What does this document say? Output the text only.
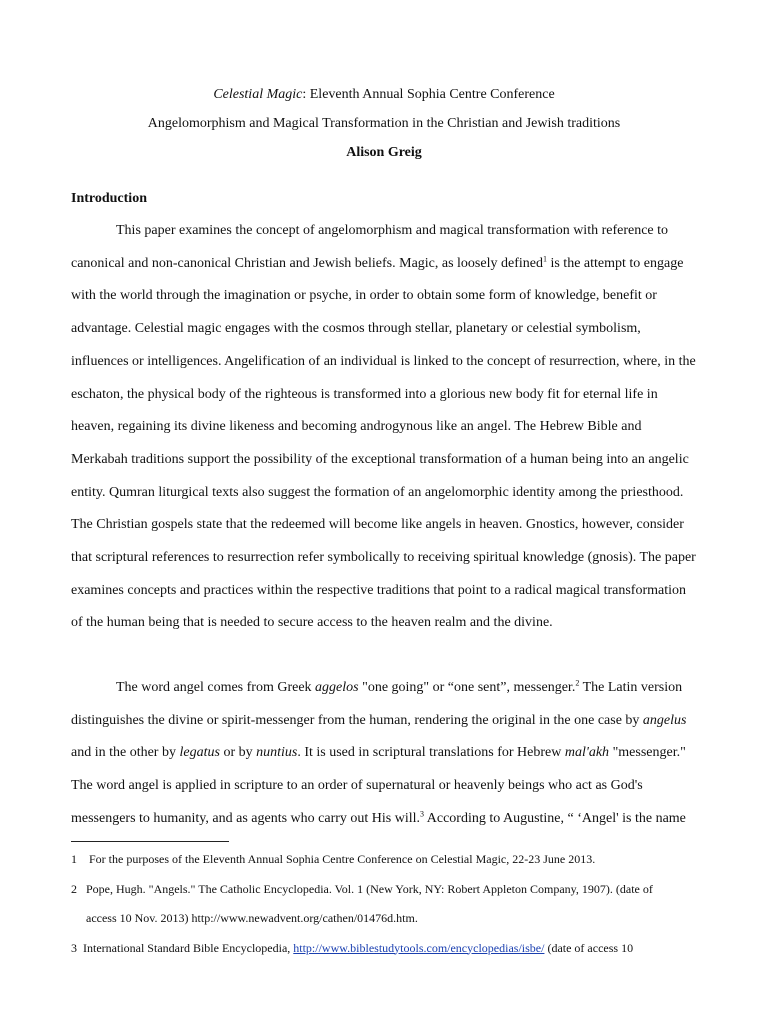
Celestial Magic: Eleventh Annual Sophia Centre Conference
Angelomorphism and Magical Transformation in the Christian and Jewish traditions
Alison Greig
Introduction

This paper examines the concept of angelomorphism and magical transformation with reference to canonical and non-canonical Christian and Jewish beliefs. Magic, as loosely defined$^1$ is the attempt to engage with the world through the imagination or psyche, in order to obtain some form of knowledge, benefit or advantage. Celestial magic engages with the cosmos through stellar, planetary or celestial symbolism, influences or intelligences. Angelification of an individual is linked to the concept of resurrection, where, in the eschaton, the physical body of the righteous is transformed into a glorious new body fit for eternal life in heaven, regaining its divine likeness and becoming androgynous like an angel. The Hebrew Bible and Merkabah traditions support the possibility of the exceptional transformation of a human being into an angelic entity. Qumran liturgical texts also suggest the formation of an angelomorphic identity among the priesthood. The Christian gospels state that the redeemed will become like angels in heaven. Gnostics, however, consider that scriptural references to resurrection refer symbolically to receiving spiritual knowledge (gnosis). The paper examines concepts and practices within the respective traditions that point to a radical magical transformation of the human being that is needed to secure access to the heaven realm and the divine.

The word angel comes from Greek aggelos "one going" or “one sent”, messenger.$^2$ The Latin version distinguishes the divine or spirit-messenger from the human, rendering the original in the one case by angelus and in the other by legatus or by nuntius. It is used in scriptural translations for Hebrew mal'akh "messenger." The word angel is applied in scripture to an order of supernatural or heavenly beings who act as God's messengers to humanity, and as agents who carry out His will.$^3$ According to Augustine, “ ‘Angel' is the name

1 For the purposes of the Eleventh Annual Sophia Centre Conference on Celestial Magic, 22-23 June 2013.
2 Pope, Hugh. "Angels." The Catholic Encyclopedia. Vol. 1 (New York, NY: Robert Appleton Company, 1907). (date of
access 10 Nov. 2013) http://www.newadvent.org/cathen/01476d.htm.
3 International Standard Bible Encyclopedia, http://www.biblestudytools.com/encyclopedias/isbe/ (date of access 10
